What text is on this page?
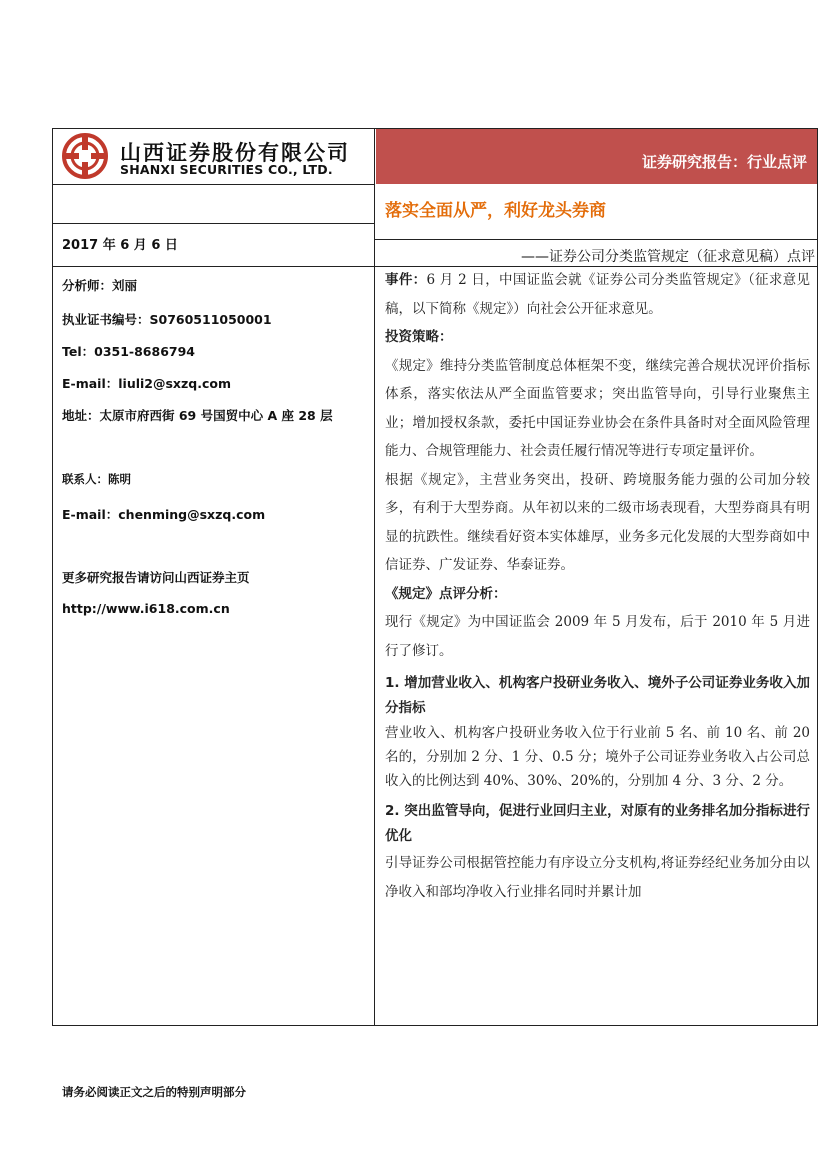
山西证券股份有限公司
SHANXI SECURITIES CO., LTD.	证券研究报告：行业点评
落实全面从严，利好龙头券商
——证券公司分类监管规定（征求意见稿）点评
2017 年 6 月 6 日
分析师：刘丽
执业证书编号：S0760511050001
Tel：0351-8686794
E-mail：liuli2@sxzq.com
地址：太原市府西街 69 号国贸中心 A 座 28 层
联系人：陈明
E-mail：chenming@sxzq.com
更多研究报告请访问山西证券主页
http://www.i618.com.cn

事件：6 月 2 日，中国证监会就《证券公司分类监管规定》（征求意见稿，以下简称《规定》）向社会公开征求意见。

投资策略：

《规定》维持分类监管制度总体框架不变，继续完善合规状况评价指标体系，落实依法从严全面监管要求；突出监管导向，引导行业聚焦主业；增加授权条款，委托中国证券业协会在条件具备时对全面风险管理能力、合规管理能力、社会责任履行情况等进行专项定量评价。

根据《规定》，主营业务突出，投研、跨境服务能力强的公司加分较多，有利于大型券商。从年初以来的二级市场表现看，大型券商具有明显的抗跌性。继续看好资本实体雄厚，业务多元化发展的大型券商如中信证券、广发证券、华泰证券。

《规定》点评分析：

现行《规定》为中国证监会 2009 年 5 月发布，后于 2010 年 5 月进行了修订。

1. 增加营业收入、机构客户投研业务收入、境外子公司证券业务收入加分指标

营业收入、机构客户投研业务收入位于行业前 5 名、前 10 名、前 20 名的，分别加 2 分、1 分、0.5 分；境外子公司证券业务收入占公司总收入的比例达到 40%、30%、20%的，分别加 4 分、3 分、2 分。

2. 突出监管导向，促进行业回归主业，对原有的业务排名加分指标进行优化

引导证券公司根据管控能力有序设立分支机构,将证券经纪业务加分由以净收入和部均净收入行业排名同时并累计加

请务必阅读正文之后的特别声明部分
